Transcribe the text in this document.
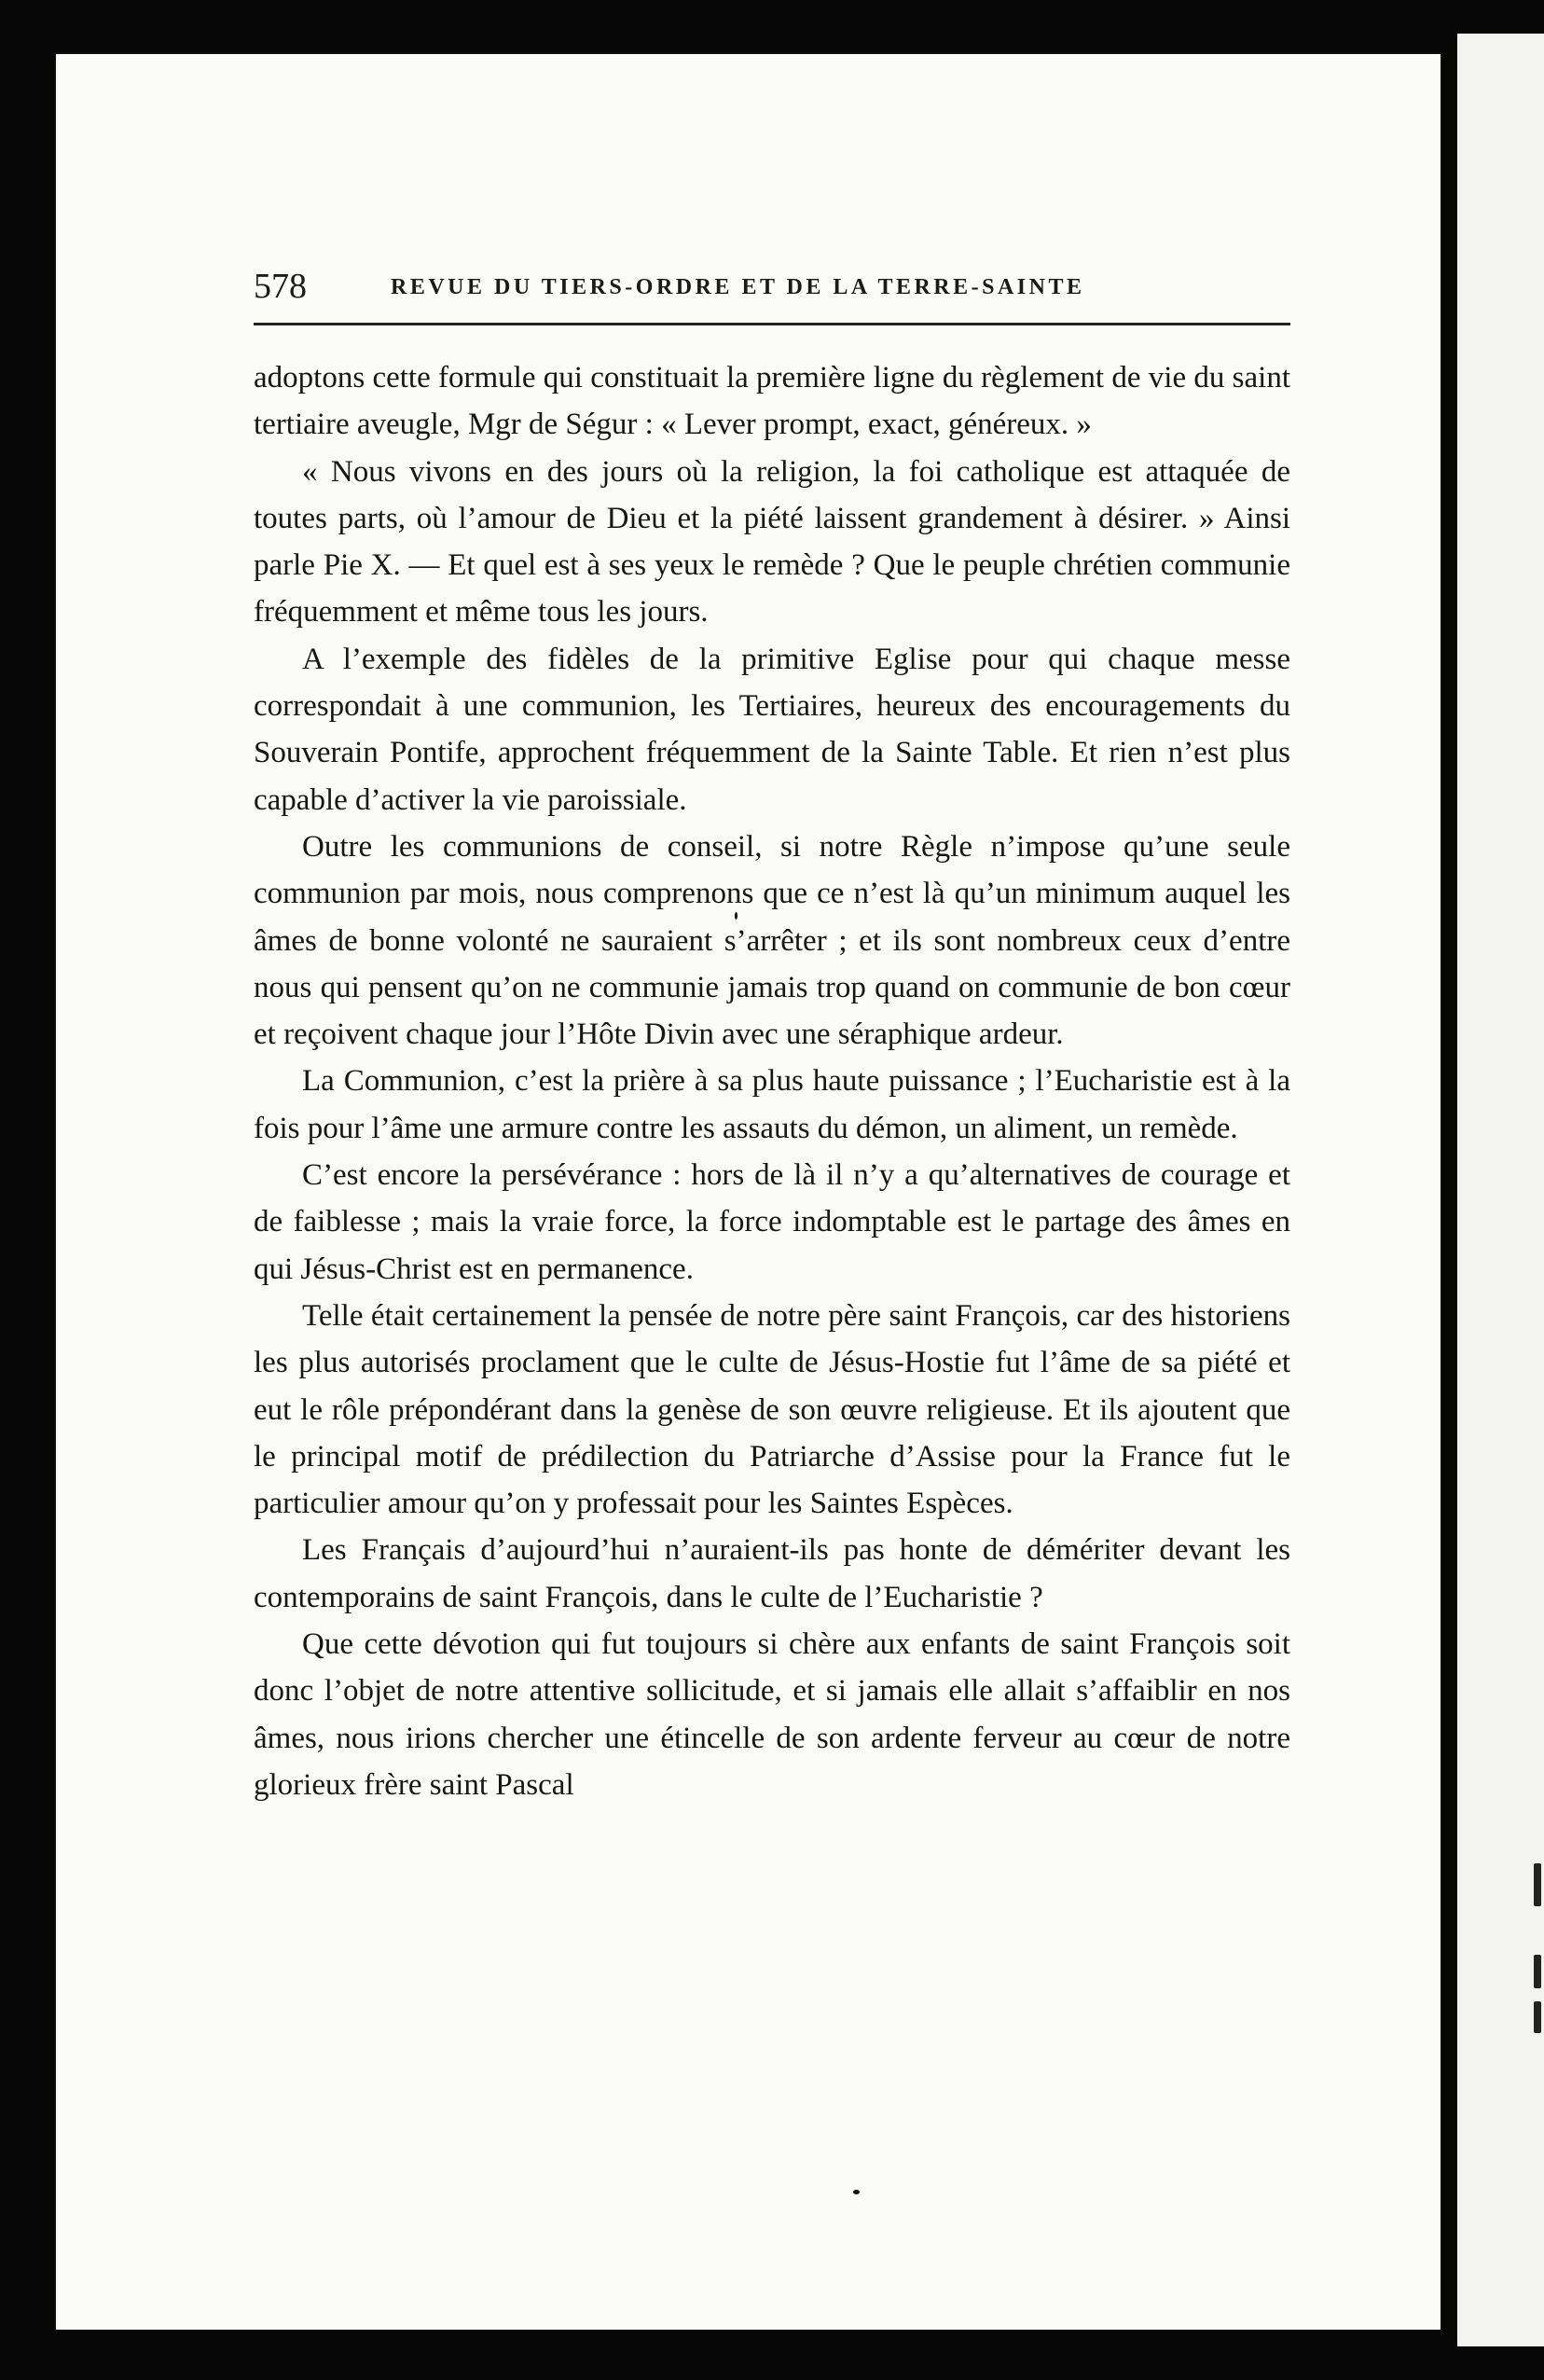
578	REVUE DU TIERS-ORDRE ET DE LA TERRE-SAINTE

adoptons cette formule qui constituait la première ligne du règlement de vie du saint tertiaire aveugle, Mgr de Ségur : « Lever prompt, exact, généreux. »

« Nous vivons en des jours où la religion, la foi catholique est attaquée de toutes parts, où l’amour de Dieu et la piété laissent grandement à désirer. » Ainsi parle Pie X. — Et quel est à ses yeux le remède ? Que le peuple chrétien communie fréquemment et même tous les jours.

A l’exemple des fidèles de la primitive Eglise pour qui chaque messe correspondait à une communion, les Tertiaires, heureux des encouragements du Souverain Pontife, approchent fréquemment de la Sainte Table. Et rien n’est plus capable d’activer la vie paroissiale.

Outre les communions de conseil, si notre Règle n’impose qu’une seule communion par mois, nous comprenons que ce n’est là qu’un minimum auquel les âmes de bonne volonté ne sauraient s’arrêter ; et ils sont nombreux ceux d’entre nous qui pensent qu’on ne communie jamais trop quand on communie de bon cœur et reçoivent chaque jour l’Hôte Divin avec une séraphique ardeur.

La Communion, c’est la prière à sa plus haute puissance ; l’Eucharistie est à la fois pour l’âme une armure contre les assauts du démon, un aliment, un remède.

C’est encore la persévérance : hors de là il n’y a qu’alternatives de courage et de faiblesse ; mais la vraie force, la force indomptable est le partage des âmes en qui Jésus-Christ est en permanence.

Telle était certainement la pensée de notre père saint François, car des historiens les plus autorisés proclament que le culte de Jésus-Hostie fut l’âme de sa piété et eut le rôle prépondérant dans la genèse de son œuvre religieuse. Et ils ajoutent que le principal motif de prédilection du Patriarche d’Assise pour la France fut le particulier amour qu’on y professait pour les Saintes Espèces.

Les Français d’aujourd’hui n’auraient-ils pas honte de démériter devant les contemporains de saint François, dans le culte de l’Eucharistie ?

Que cette dévotion qui fut toujours si chère aux enfants de saint François soit donc l’objet de notre attentive sollicitude, et si jamais elle allait s’affaiblir en nos âmes, nous irions chercher une étincelle de son ardente ferveur au cœur de notre glorieux frère saint Pascal
